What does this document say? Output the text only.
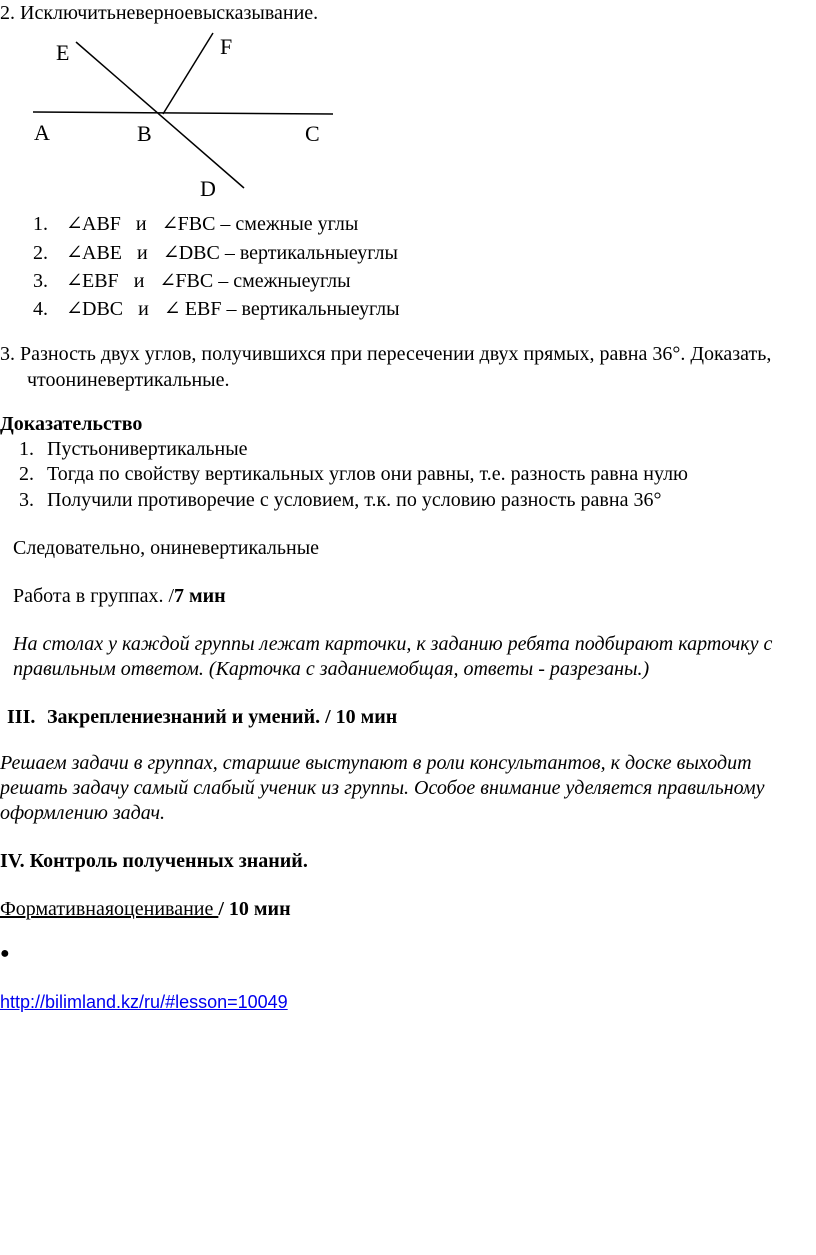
2. Исключитьневерноевысказывание.
E	F
A	B	C
D
1. ∠ABF и ∠FBC – смежные углы
2. ∠ABE и ∠DBC – вертикальныеуглы
3. ∠EBF и ∠FBC – смежныеуглы
4. ∠DBC и ∠ EBF – вертикальныеуглы
3. Разность двух углов, получившихся при пересечении двух прямых, равна 36°. Доказать,
чтоониневертикальные.
Доказательство
1. Пустьонивертикальные
2. Тогда по свойству вертикальных углов они равны, т.е. разность равна нулю
3. Получили противоречие с условием, т.к. по условию разность равна 36°
Следовательно, ониневертикальные
Работа в группах. /7 мин
На столах у каждой группы лежат карточки, к заданию ребята подбирают карточку с
правильным ответом. (Карточка с заданиемобщая, ответы - разрезаны.)
III. Закреплениезнаний и умений. / 10 мин
Решаем задачи в группах, старшие выступают в роли консультантов, к доске выходит
решать задачу самый слабый ученик из группы. Особое внимание уделяется правильному
оформлению задач.
IV. Контроль полученных знаний.
Формативнаяоценивание / 10 мин
●
http://bilimland.kz/ru/#lesson=10049
